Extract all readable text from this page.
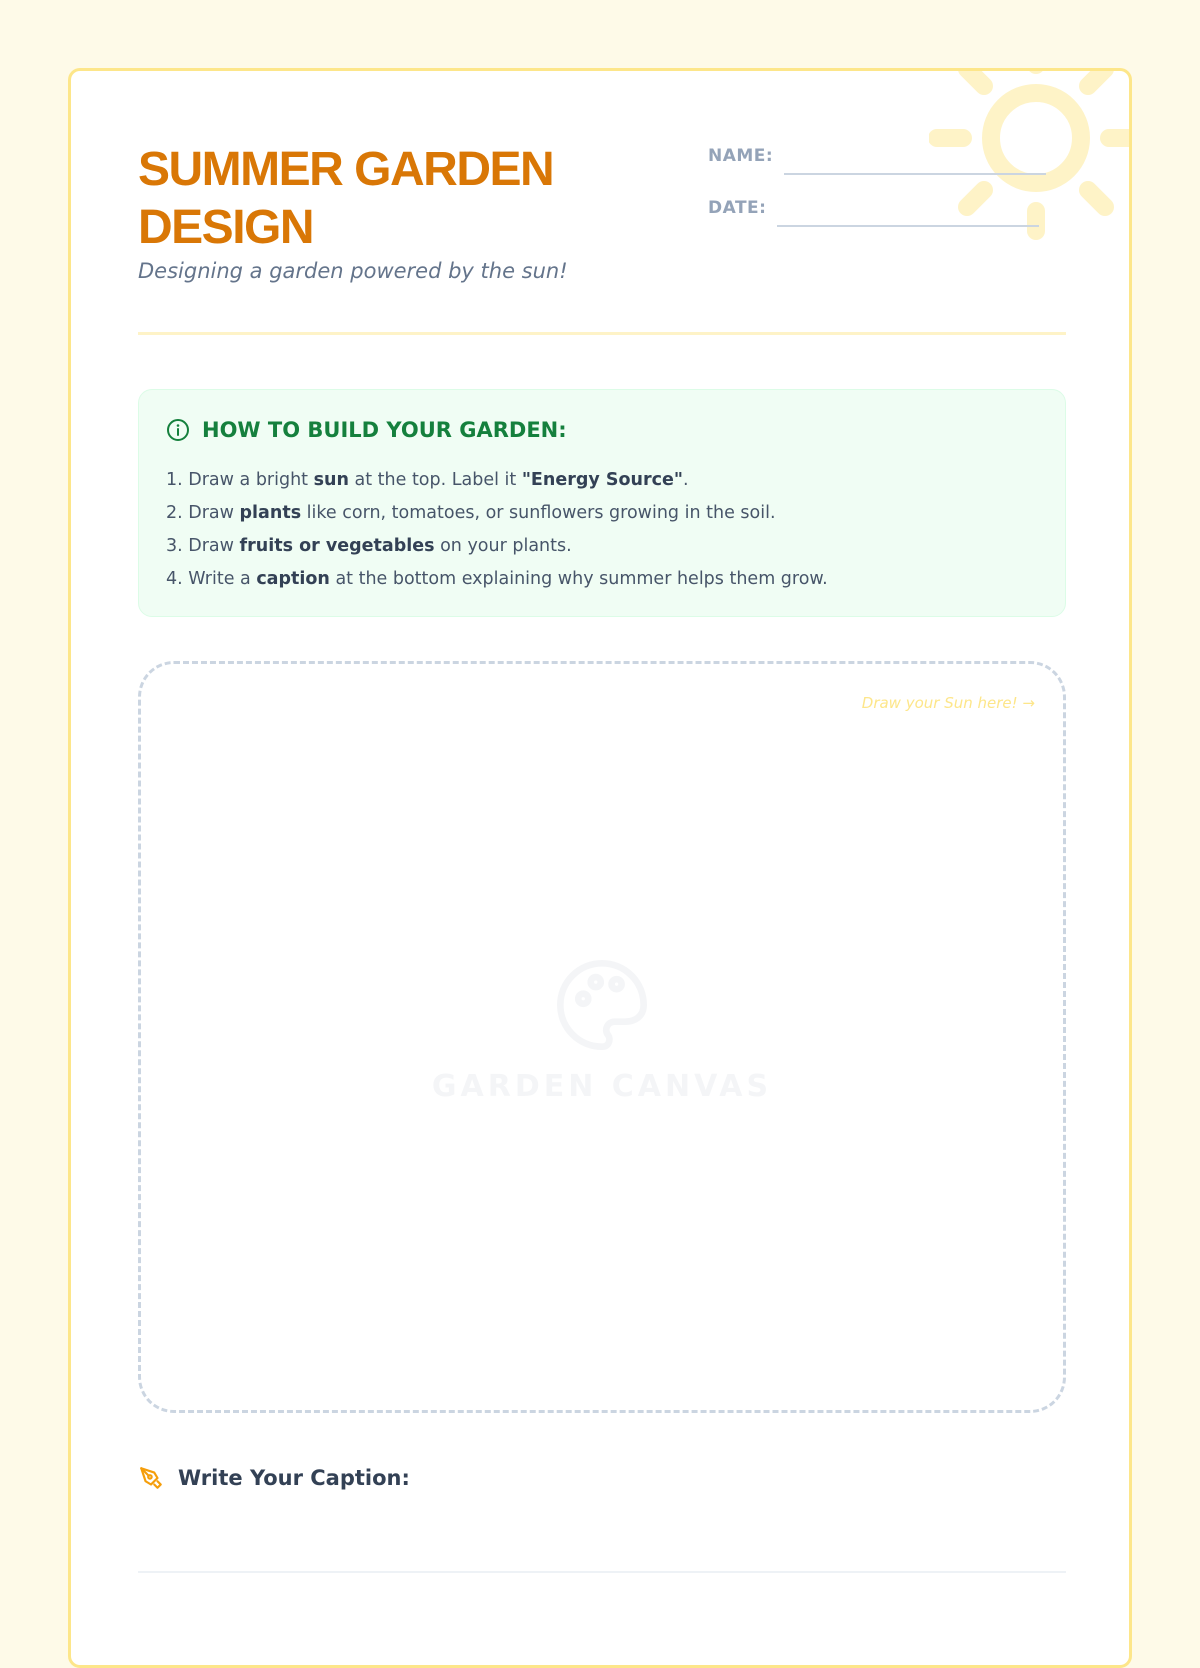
SUMMER GARDEN DESIGN
Designing a garden powered by the sun!
NAME:
DATE:
HOW TO BUILD YOUR GARDEN:
1. Draw a bright sun at the top. Label it "Energy Source".
2. Draw plants like corn, tomatoes, or sunflowers growing in the soil.
3. Draw fruits or vegetables on your plants.
4. Write a caption at the bottom explaining why summer helps them grow.
Draw your Sun here! →
GARDEN CANVAS
Write Your Caption:
